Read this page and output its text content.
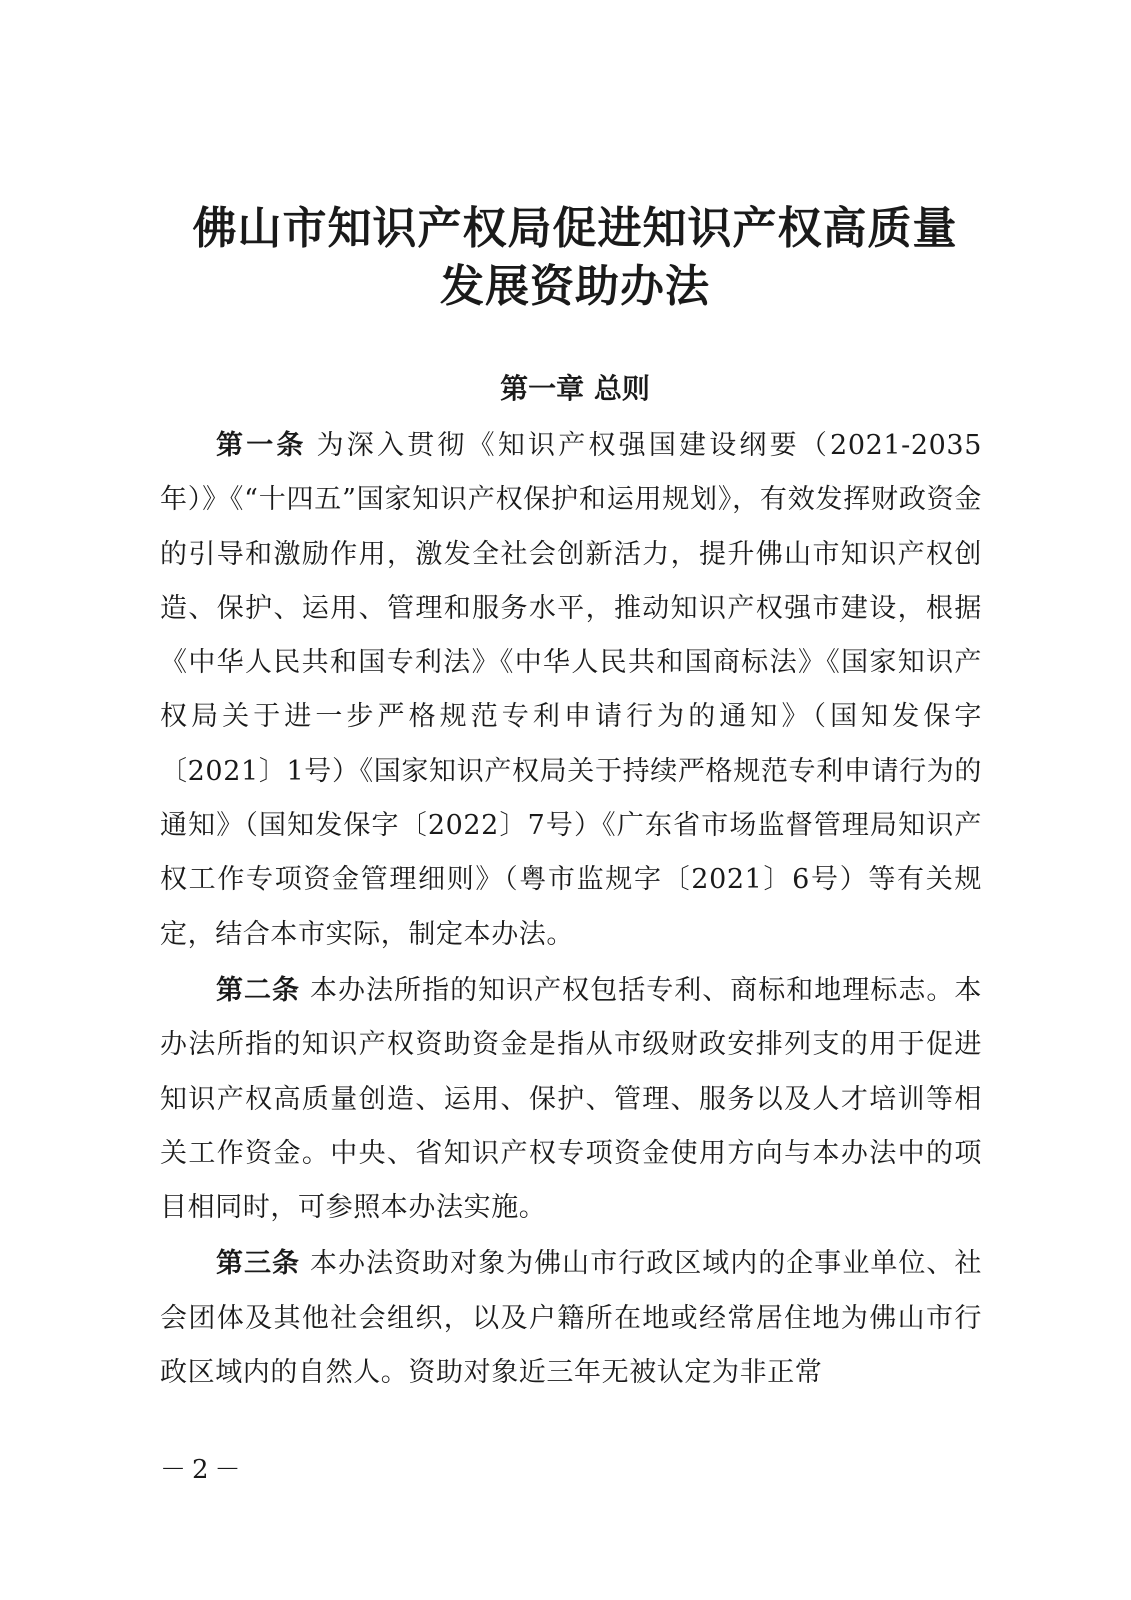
佛山市知识产权局促进知识产权高质量
发展资助办法
第一章 总则

第一条 为深入贯彻《知识产权强国建设纲要（2021-2035年）》《“十四五”国家知识产权保护和运用规划》，有效发挥财政资金的引导和激励作用，激发全社会创新活力，提升佛山市知识产权创造、保护、运用、管理和服务水平，推动知识产权强市建设，根据《中华人民共和国专利法》《中华人民共和国商标法》《国家知识产权局关于进一步严格规范专利申请行为的通知》（国知发保字〔2021〕1号）《国家知识产权局关于持续严格规范专利申请行为的通知》（国知发保字〔2022〕7号）《广东省市场监督管理局知识产权工作专项资金管理细则》（粤市监规字〔2021〕6号）等有关规定，结合本市实际，制定本办法。

第二条 本办法所指的知识产权包括专利、商标和地理标志。本办法所指的知识产权资助资金是指从市级财政安排列支的用于促进知识产权高质量创造、运用、保护、管理、服务以及人才培训等相关工作资金。中央、省知识产权专项资金使用方向与本办法中的项目相同时，可参照本办法实施。

第三条 本办法资助对象为佛山市行政区域内的企事业单位、社会团体及其他社会组织，以及户籍所在地或经常居住地为佛山市行政区域内的自然人。资助对象近三年无被认定为非正常

－2－
